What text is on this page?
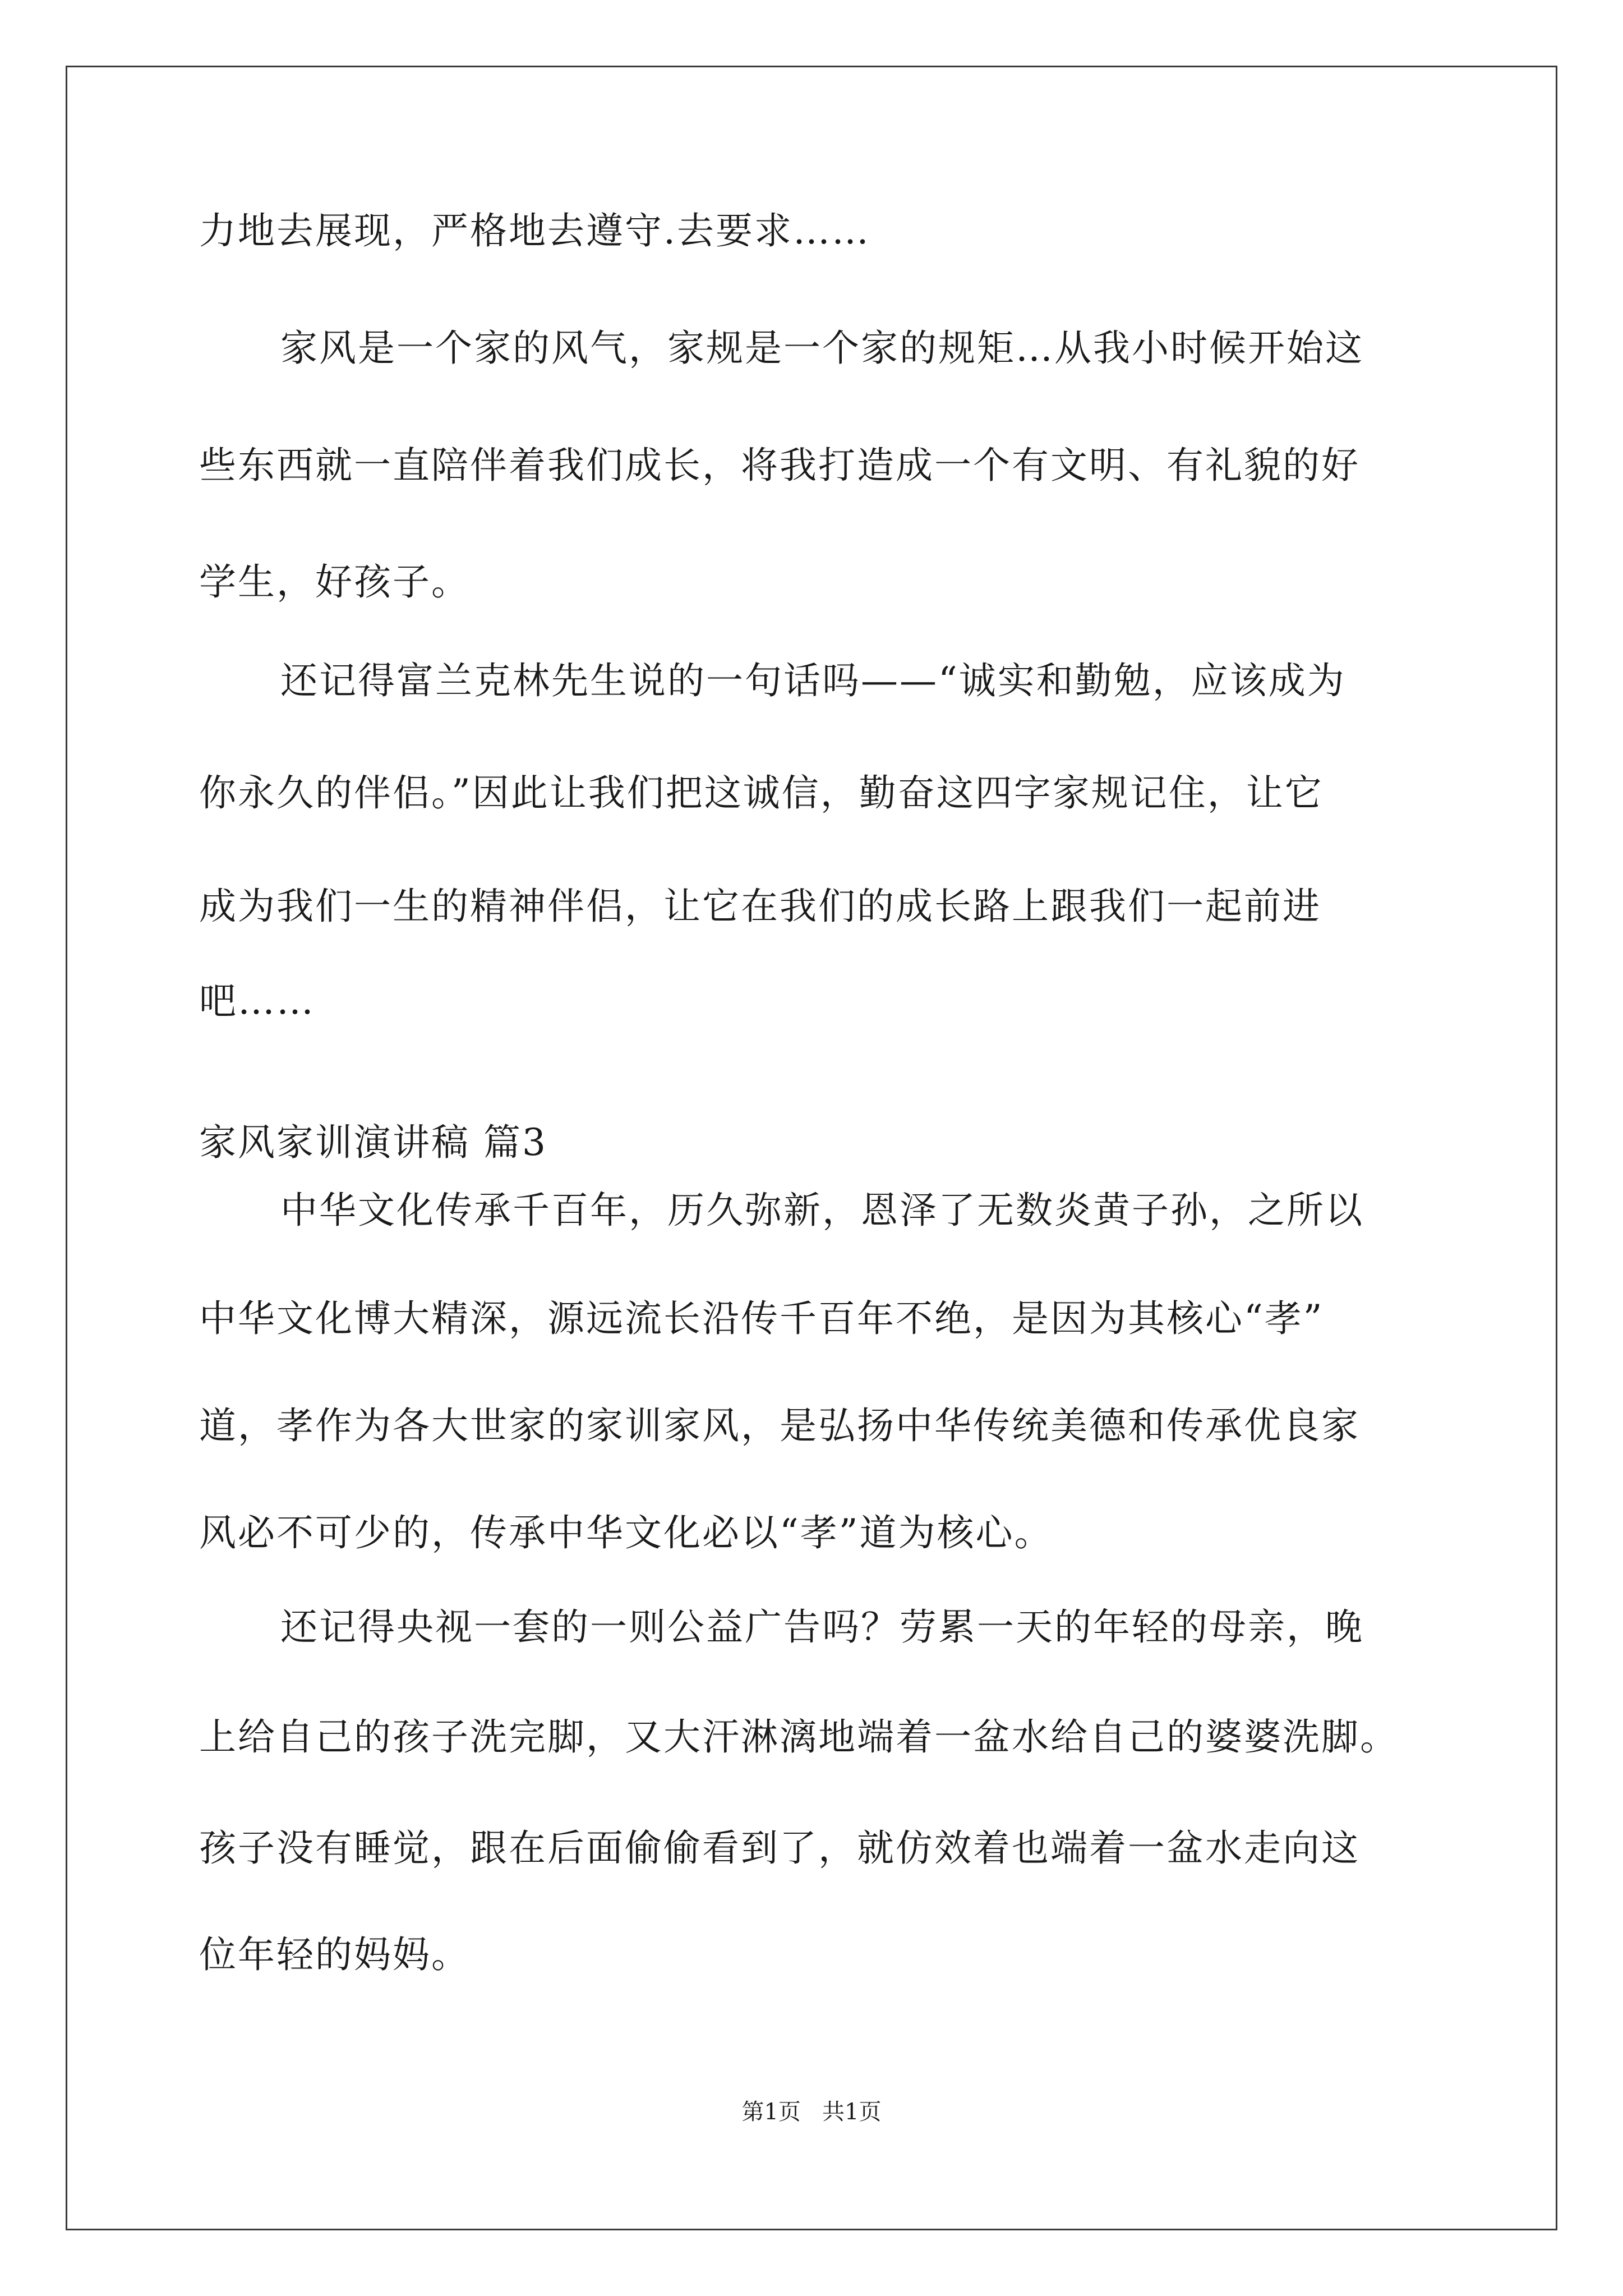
力地去展现，严格地去遵守.去要求……
家风是一个家的风气，家规是一个家的规矩…从我小时候开始这
些东西就一直陪伴着我们成长，将我打造成一个有文明、有礼貌的好
学生，好孩子。
还记得富兰克林先生说的一句话吗——“诚实和勤勉，应该成为
你永久的伴侣。”因此让我们把这诚信，勤奋这四字家规记住，让它
成为我们一生的精神伴侣，让它在我们的成长路上跟我们一起前进
吧……
家风家训演讲稿 篇3
中华文化传承千百年，历久弥新，恩泽了无数炎黄子孙，之所以
中华文化博大精深，源远流长沿传千百年不绝，是因为其核心“孝”
道，孝作为各大世家的家训家风，是弘扬中华传统美德和传承优良家
风必不可少的，传承中华文化必以“孝”道为核心。
还记得央视一套的一则公益广告吗？劳累一天的年轻的母亲，晚
上给自己的孩子洗完脚，又大汗淋漓地端着一盆水给自己的婆婆洗脚。
孩子没有睡觉，跟在后面偷偷看到了，就仿效着也端着一盆水走向这
位年轻的妈妈。
第1页   共1页
